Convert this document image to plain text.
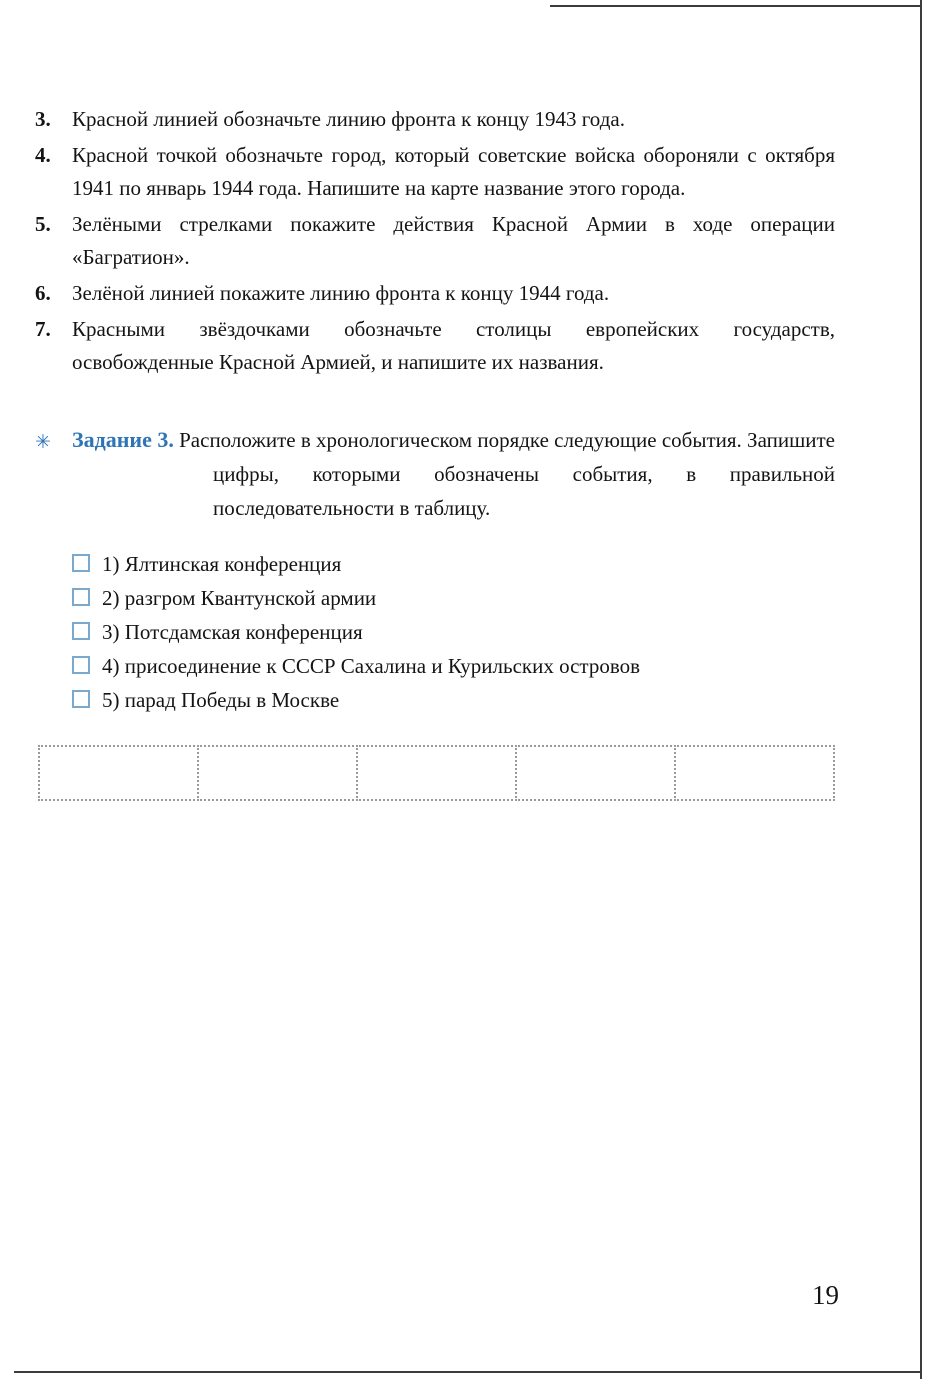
3. Красной линией обозначьте линию фронта к концу 1943 года.
4. Красной точкой обозначьте город, который советские войска обороняли с октября 1941 по январь 1944 года. Напишите на карте название этого города.
5. Зелёными стрелками покажите действия Красной Армии в ходе операции «Багратион».
6. Зелёной линией покажите линию фронта к концу 1944 года.
7. Красными звёздочками обозначьте столицы европейских государств, освобожденные Красной Армией, и напишите их названия.
✳ Задание 3. Расположите в хронологическом порядке следующие события. Запишите цифры, которыми обозначены события, в правильной последовательности в таблицу.
1) Ялтинская конференция
2) разгром Квантунской армии
3) Потсдамская конференция
4) присоединение к СССР Сахалина и Курильских островов
5) парад Победы в Москве
19
